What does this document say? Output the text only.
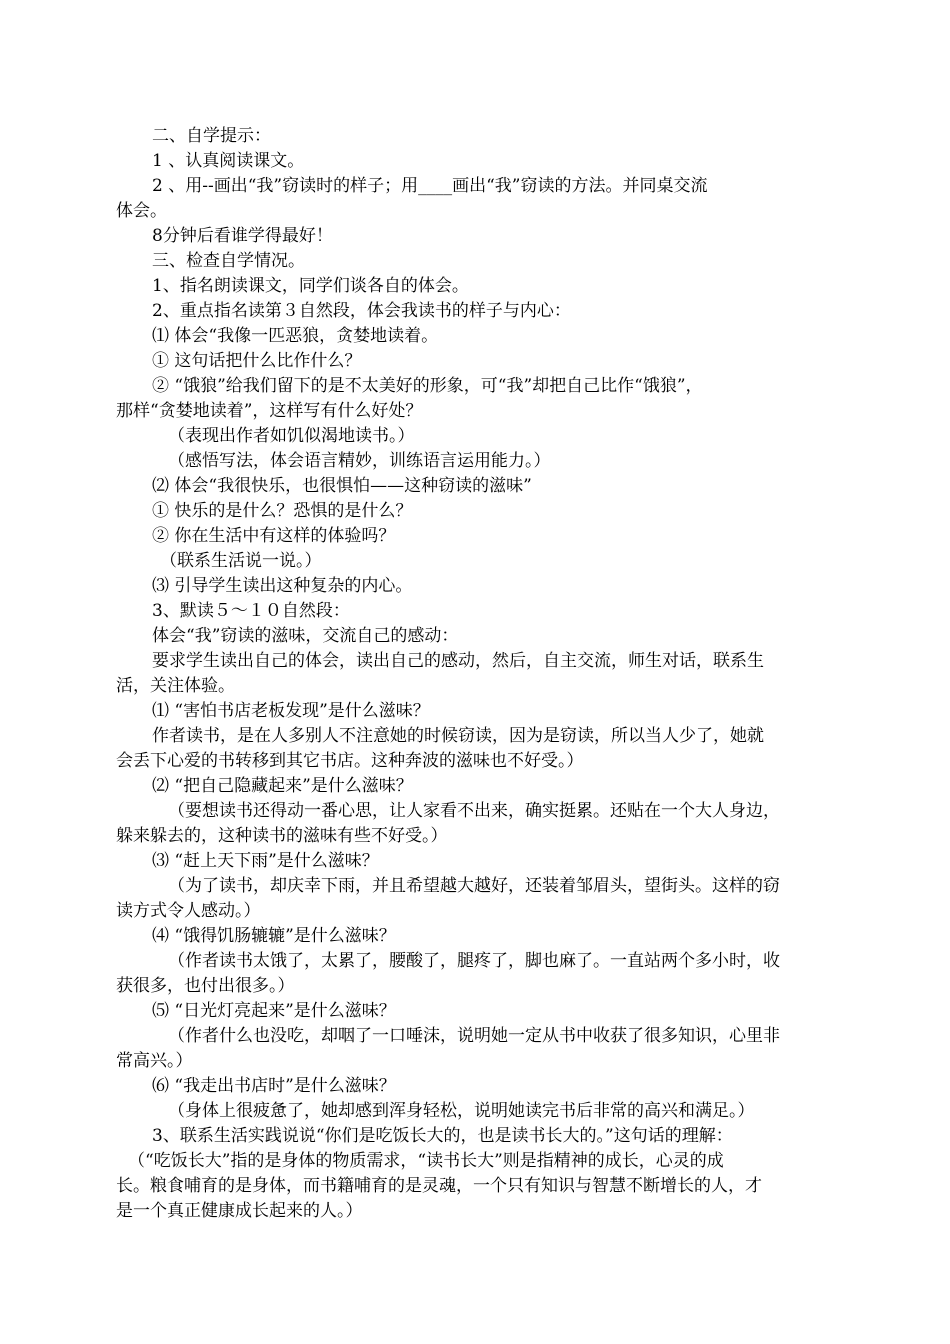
二、自学提示：
1 、认真阅读课文。
2 、用--画出“我”窃读时的样子；用____画出“我”窃读的方法。并同桌交流
体会。
8分钟后看谁学得最好！
三、检查自学情况。
1、指名朗读课文，同学们谈各自的体会。
2、重点指名读第３自然段，体会我读书的样子与内心：
⑴ 体会“我像一匹恶狼，贪婪地读着。
① 这句话把什么比作什么？
② “饿狼”给我们留下的是不太美好的形象，可“我”却把自己比作“饿狼”，
那样“贪婪地读着”，这样写有什么好处？
（表现出作者如饥似渴地读书。）
（感悟写法，体会语言精妙，训练语言运用能力。）
⑵ 体会“我很快乐，也很惧怕——这种窃读的滋味”
① 快乐的是什么？恐惧的是什么？
② 你在生活中有这样的体验吗？
（联系生活说一说。）
⑶ 引导学生读出这种复杂的内心。
3、默读５～１０自然段：
体会“我”窃读的滋味，交流自己的感动：
要求学生读出自己的体会，读出自己的感动，然后，自主交流，师生对话，联系生
活，关注体验。
⑴ “害怕书店老板发现”是什么滋味？
作者读书，是在人多别人不注意她的时候窃读，因为是窃读，所以当人少了，她就
会丢下心爱的书转移到其它书店。这种奔波的滋味也不好受。）
⑵ “把自己隐藏起来”是什么滋味？
（要想读书还得动一番心思，让人家看不出来，确实挺累。还贴在一个大人身边，
躲来躲去的，这种读书的滋味有些不好受。）
⑶ “赶上天下雨”是什么滋味？
（为了读书，却庆幸下雨，并且希望越大越好，还装着邹眉头，望街头。这样的窃
读方式令人感动。）
⑷ “饿得饥肠辘辘”是什么滋味？
（作者读书太饿了，太累了，腰酸了，腿疼了，脚也麻了。一直站两个多小时，收
获很多，也付出很多。）
⑸ “日光灯亮起来”是什么滋味？
（作者什么也没吃，却咽了一口唾沫，说明她一定从书中收获了很多知识，心里非
常高兴。）
⑹ “我走出书店时”是什么滋味？
（身体上很疲惫了，她却感到浑身轻松，说明她读完书后非常的高兴和满足。）
3、联系生活实践说说“你们是吃饭长大的，也是读书长大的。”这句话的理解：
（“吃饭长大”指的是身体的物质需求，“读书长大”则是指精神的成长，心灵的成
长。粮食哺育的是身体，而书籍哺育的是灵魂，一个只有知识与智慧不断增长的人，才
是一个真正健康成长起来的人。）
